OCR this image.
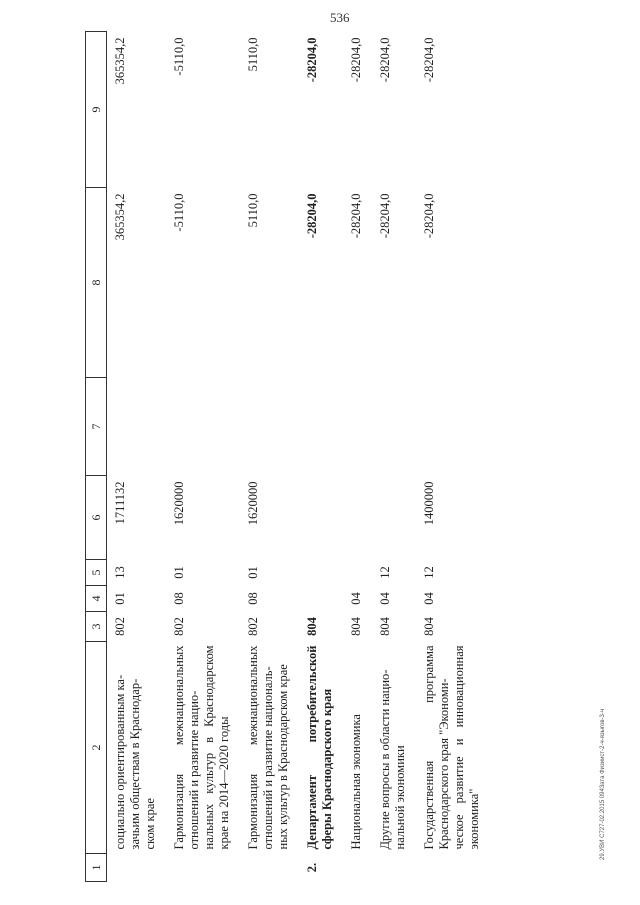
536
29.УВИ С727-02.2015 0943ата Физиист-2-ч-языгов-3-ч
1	2	3	4	5	6	7	8	9
	социально ориентированным ка-
зачьим обществам в Краснодар-
ском крае	802	01	13	1711132		365354,2	365354,2
	Гармонизация межнациональных отношений и развитие нацио-
нальных культур в Краснодарском крае на 2014—2020 годы	802	08	01	1620000		-5110,0	-5110,0
	Гармонизация межнациональных отношений и развитие националь-
ных культур в Краснодарском крае	802	08	01	1620000		5110,0	5110,0
2.	Департамент потребительской сферы Краснодарского края	804					-28204,0	-28204,0
	Национальная экономика	804	04				-28204,0	-28204,0
	Другие вопросы в области нацио-
нальной экономики	804	04	12			-28204,0	-28204,0
	Государственная программа Краснодарского края "Экономи-
ческое развитие и инновационная экономика"	804	04	12	1400000		-28204,0	-28204,0
